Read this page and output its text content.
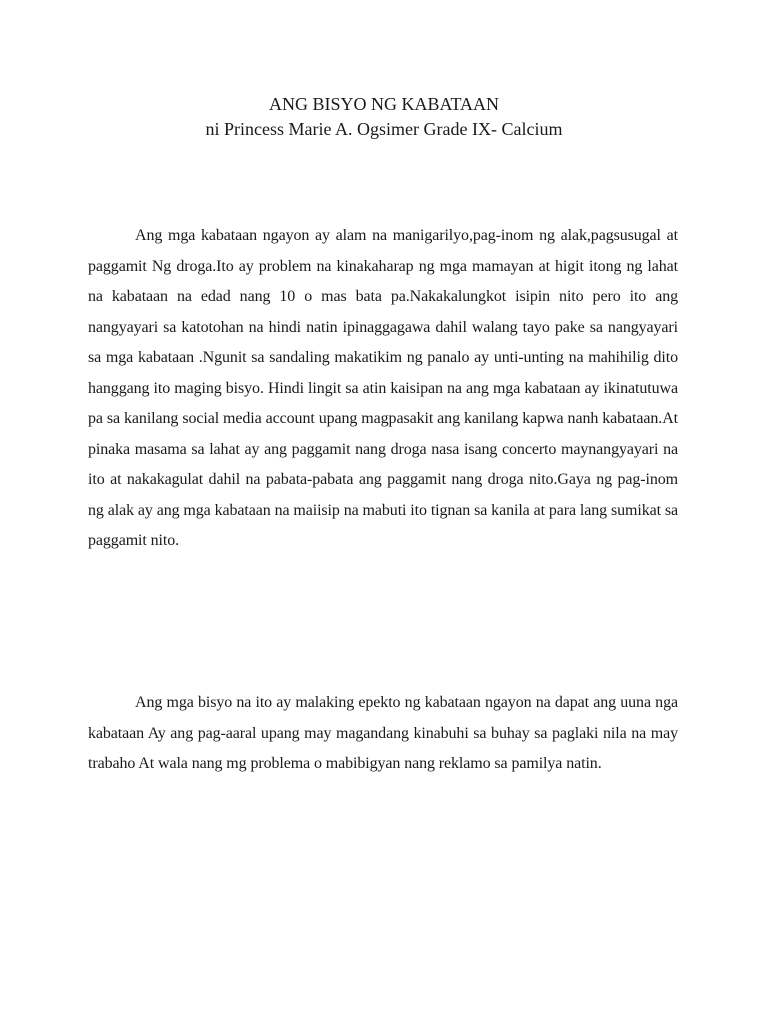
ANG BISYO NG KABATAAN
ni Princess Marie A. Ogsimer Grade IX- Calcium

Ang mga kabataan ngayon ay alam na manigarilyo,pag-inom ng alak,pagsusugal at paggamit Ng droga.Ito ay problem na kinakaharap ng mga mamayan at higit itong ng lahat na kabataan na edad nang 10 o mas bata pa.Nakakalungkot isipin nito pero ito ang nangyayari sa katotohan na hindi natin ipinaggagawa dahil walang tayo pake sa nangyayari sa mga kabataan .Ngunit sa sandaling makatikim ng panalo ay unti-unting na mahihilig dito hanggang ito maging bisyo. Hindi lingit sa atin kaisipan na ang mga kabataan ay ikinatutuwa pa sa kanilang social media account upang magpasakit ang kanilang kapwa nanh kabataan.At pinaka masama sa lahat ay ang paggamit nang droga nasa isang concerto maynangyayari na ito at nakakagulat dahil na pabata-pabata ang paggamit nang droga nito.Gaya ng pag-inom ng alak ay ang mga kabataan na maiisip na mabuti ito tignan sa kanila at para lang sumikat sa paggamit nito.

Ang mga bisyo na ito ay malaking epekto ng kabataan ngayon na dapat ang uuna nga kabataan Ay ang pag-aaral upang may magandang kinabuhi sa buhay sa paglaki nila na may trabaho At wala nang mg problema o mabibigyan nang reklamo sa pamilya natin.
